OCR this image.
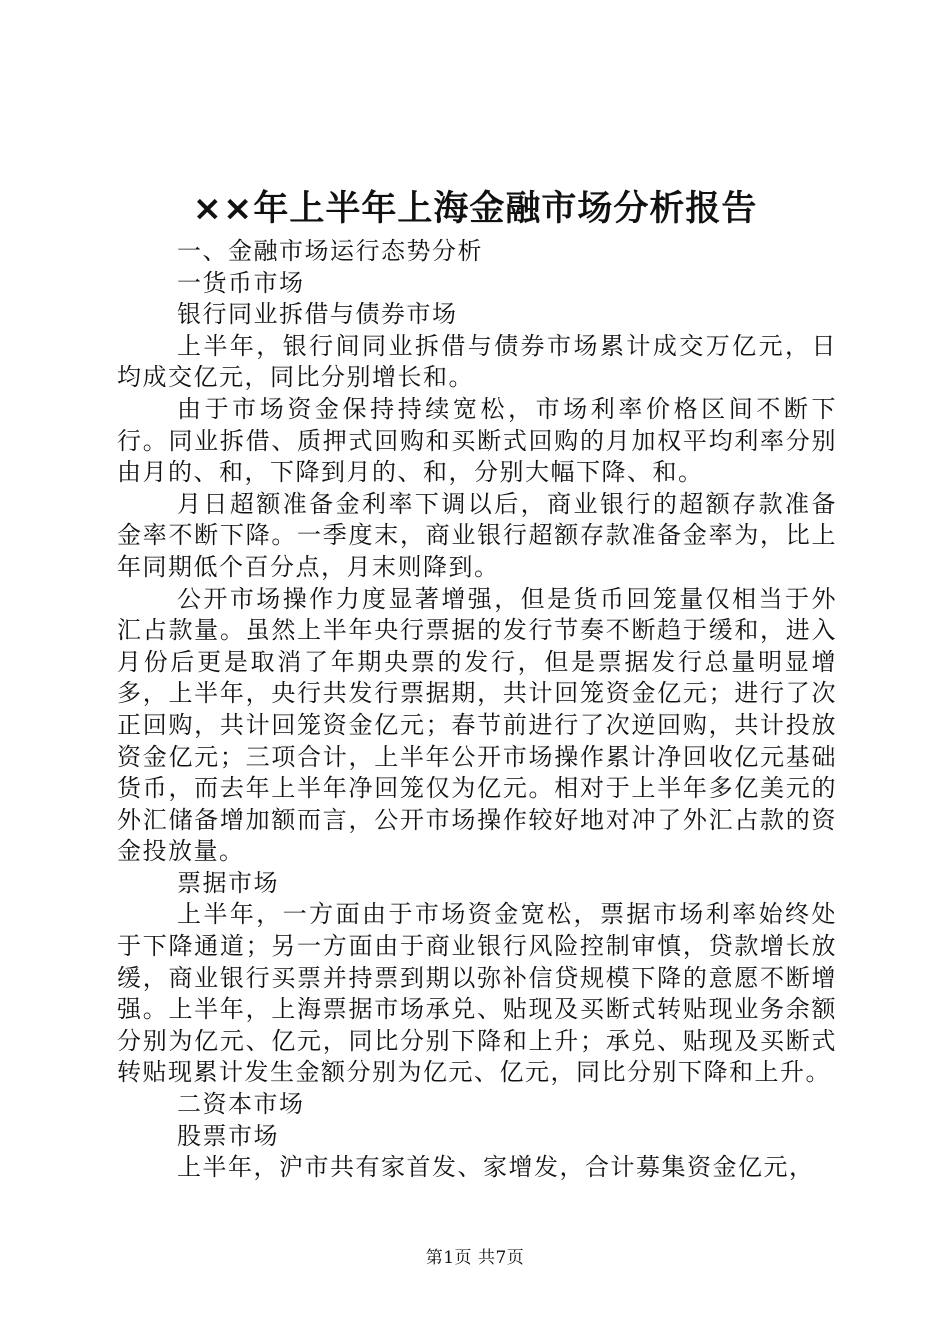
××年上半年上海金融市场分析报告

一、金融市场运行态势分析

一货币市场

银行同业拆借与债券市场

上半年，银行间同业拆借与债券市场累计成交万亿元，日均成交亿元，同比分别增长和。

由于市场资金保持持续宽松，市场利率价格区间不断下行。同业拆借、质押式回购和买断式回购的月加权平均利率分别由月的、和，下降到月的、和，分别大幅下降、和。

月日超额准备金利率下调以后，商业银行的超额存款准备金率不断下降。一季度末，商业银行超额存款准备金率为，比上年同期低个百分点，月末则降到。

公开市场操作力度显著增强，但是货币回笼量仅相当于外汇占款量。虽然上半年央行票据的发行节奏不断趋于缓和，进入月份后更是取消了年期央票的发行，但是票据发行总量明显增多，上半年，央行共发行票据期，共计回笼资金亿元；进行了次正回购，共计回笼资金亿元；春节前进行了次逆回购，共计投放资金亿元；三项合计，上半年公开市场操作累计净回收亿元基础货币，而去年上半年净回笼仅为亿元。相对于上半年多亿美元的外汇储备增加额而言，公开市场操作较好地对冲了外汇占款的资金投放量。

票据市场

上半年，一方面由于市场资金宽松，票据市场利率始终处于下降通道；另一方面由于商业银行风险控制审慎，贷款增长放缓，商业银行买票并持票到期以弥补信贷规模下降的意愿不断增强。上半年，上海票据市场承兑、贴现及买断式转贴现业务余额分别为亿元、亿元，同比分别下降和上升；承兑、贴现及买断式转贴现累计发生金额分别为亿元、亿元，同比分别下降和上升。

二资本市场

股票市场

上半年，沪市共有家首发、家增发，合计募集资金亿元，

第1页 共7页
